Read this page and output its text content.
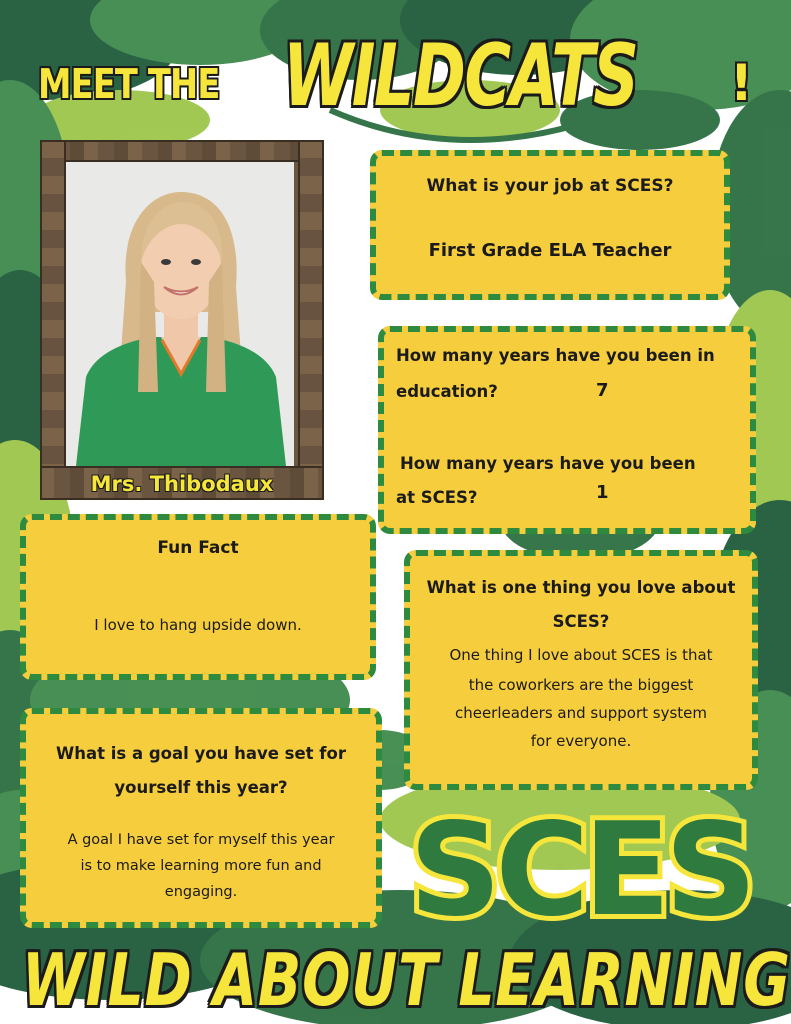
MEET THE WILDCATS !
Mrs. Thibodaux
What is your job at SCES?
First Grade ELA Teacher
How many years have you been in
education?	7
How many years have you been
at SCES?	1
Fun Fact
I love to hang upside down.
What is one thing you love about
SCES?
One thing I love about SCES is that
the coworkers are the biggest
cheerleaders and support system
for everyone.
What is a goal you have set for
yourself this year?
A goal I have set for myself this year
is to make learning more fun and
engaging.	SCES
WILD ABOUT LEARNING
